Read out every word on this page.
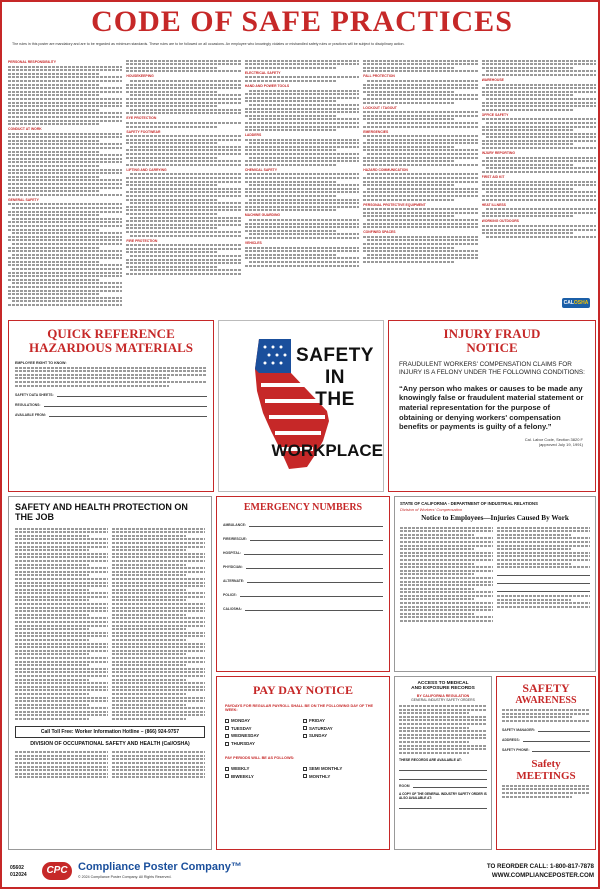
CODE OF SAFE PRACTICES
The rules in this poster are mandatory and are to be regarded as minimum standards. These rules are to be followed on all occasions. An employee who knowingly violates or mishandled safety rules or practices will be subject to disciplinary action.
PERSONAL RESPONSIBILITY
CONDUCT AT WORK
GENERAL SAFETY
HOUSEKEEPING
EYE PROTECTION
SAFETY FOOTWEAR
LIFTING AND CARRYING
FIRE PROTECTION
ELECTRICAL SAFETY
HAND AND POWER TOOLS
LADDERS
CHEMICAL SAFETY
MACHINE GUARDING
VEHICLES
FALL PROTECTION
LOCKOUT / TAGOUT
EMERGENCIES
HAZARD COMMUNICATION
PERSONAL PROTECTIVE EQUIPMENT
CONFINED SPACES
WAREHOUSE
OFFICE SAFETY
INJURY REPORTING
FIRST AID KIT
HEAT ILLNESS
WORKING OUTDOORS
CALOSHA
QUICK REFERENCE
HAZARDOUS MATERIALS
EMPLOYEE RIGHT TO KNOW:
SAFETY DATA SHEETS:
REGULATIONS:
AVAILABLE FROM:
SAFETY
IN
THE
WORKPLACE
INJURY FRAUD
NOTICE
FRAUDULENT WORKERS' COMPENSATION CLAIMS FOR INJURY IS A FELONY UNDER THE FOLLOWING CONDITIONS:
“Any person who makes or causes to be made any knowingly false or fraudulent material statement or material representation for the purpose of obtaining or denying workers' compensation benefits or payments is guilty of a felony.”
Cal. Labor Code, Section 3820 F
(approved July 19, 1991)
SAFETY AND HEALTH PROTECTION ON THE JOB
Call Toll Free: Worker Information Hotline – (866) 924-9757
DIVISION OF OCCUPATIONAL SAFETY AND HEALTH (Cal/OSHA)
EMERGENCY NUMBERS
AMBULANCE:
FIRE/RESCUE:
HOSPITAL:
PHYSICIAN:
ALTERNATE:
POLICE:
CAL/OSHA:
STATE OF CALIFORNIA - DEPARTMENT OF INDUSTRIAL RELATIONS
Division of Workers' Compensation
Notice to Employees—Injuries Caused By Work
PAY DAY NOTICE
PAYDAYS FOR REGULAR PAYROLL SHALL BE ON THE FOLLOWING DAY OF THE WEEK:
MONDAY
TUESDAY
WEDNESDAY
THURSDAY
FRIDAY
SATURDAY
SUNDAY
PAY PERIODS WILL BE AS FOLLOWS:
WEEKLY
BIWEEKLY
SEMI MONTHLY
MONTHLY
ACCESS TO MEDICAL
AND EXPOSURE RECORDS
BY CALIFORNIA REGULATION
GENERAL INDUSTRY SAFETY ORDERS
THESE RECORDS ARE AVAILABLE AT:
ROOM
A COPY OF THE GENERAL INDUSTRY SAFETY ORDER IS ALSO AVAILABLE AT:
SAFETY
AWARENESS
SAFETY MANAGER:
ADDRESS:
SAFETY PHONE:
Safety
MEETINGS
05602
012024	CPC Compliance Poster Company™
© 2024 Compliance Poster Company. All Rights Reserved.
TO REORDER CALL: 1-800-817-7878
WWW.COMPLIANCEPOSTER.COM
